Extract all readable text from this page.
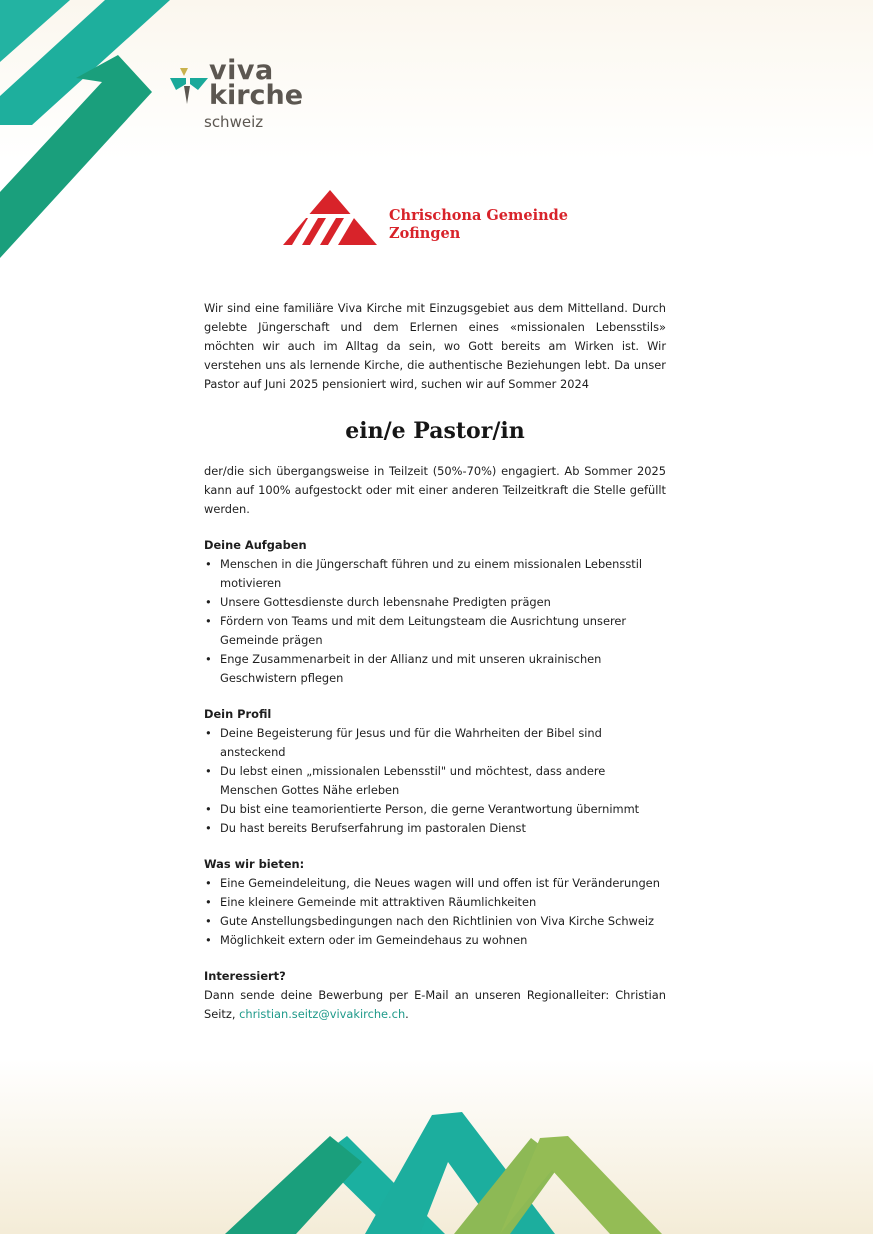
viva
kirche
schweiz
Chrischona Gemeinde
Zofingen

Wir sind eine familiäre Viva Kirche mit Einzugsgebiet aus dem Mittelland. Durch gelebte Jüngerschaft und dem Erlernen eines «missionalen Lebensstils» möchten wir auch im Alltag da sein, wo Gott bereits am Wirken ist. Wir verstehen uns als lernende Kirche, die authentische Beziehungen lebt. Da unser Pastor auf Juni 2025 pensioniert wird, suchen wir auf Sommer 2024

ein/e Pastor/in

der/die sich übergangsweise in Teilzeit (50%-70%) engagiert. Ab Sommer 2025 kann auf 100% aufgestockt oder mit einer anderen Teilzeitkraft die Stelle gefüllt werden.

Deine Aufgaben
• Menschen in die Jüngerschaft führen und zu einem missionalen Lebensstil motivieren
• Unsere Gottesdienste durch lebensnahe Predigten prägen
• Fördern von Teams und mit dem Leitungsteam die Ausrichtung unserer Gemeinde prägen
• Enge Zusammenarbeit in der Allianz und mit unseren ukrainischen Geschwistern pflegen
Dein Profil
• Deine Begeisterung für Jesus und für die Wahrheiten der Bibel sind ansteckend
• Du lebst einen „missionalen Lebensstil" und möchtest, dass andere Menschen Gottes Nähe erleben
• Du bist eine teamorientierte Person, die gerne Verantwortung übernimmt
• Du hast bereits Berufserfahrung im pastoralen Dienst
Was wir bieten:
• Eine Gemeindeleitung, die Neues wagen will und offen ist für Veränderungen
• Eine kleinere Gemeinde mit attraktiven Räumlichkeiten
• Gute Anstellungsbedingungen nach den Richtlinien von Viva Kirche Schweiz
• Möglichkeit extern oder im Gemeindehaus zu wohnen
Interessiert?

Dann sende deine Bewerbung per E-Mail an unseren Regionalleiter: Christian Seitz, christian.seitz@vivakirche.ch.
